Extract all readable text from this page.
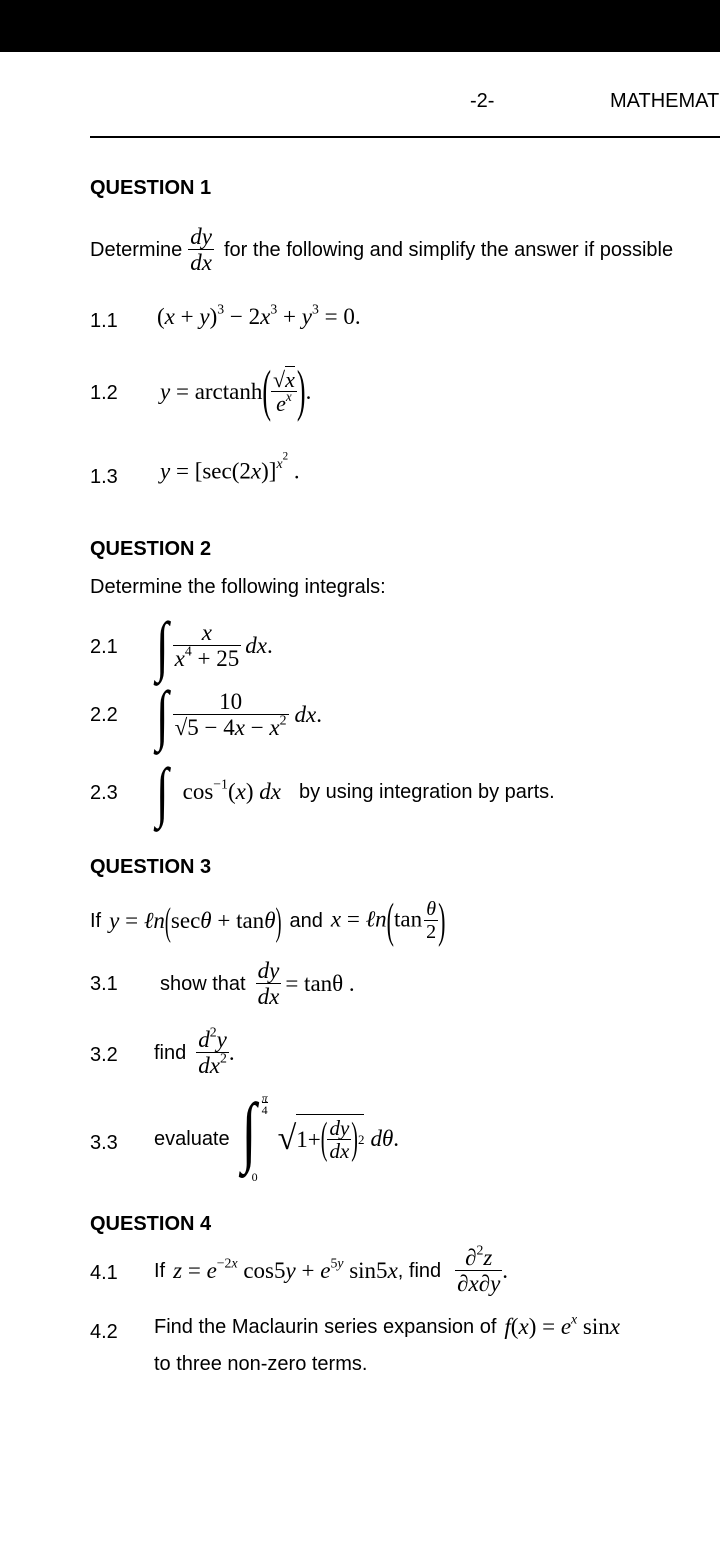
-2-	MATHEMAT
QUESTION 1
Determine $\frac{dy}{dx}$ for the following and simplify the answer if possible
1.1 $(x + y)^3 - 2x^3 + y^3 = 0$.
1.2 y = arctanh ( $\frac{√x}{e^x}$ ) .
1.3 $y = [\sec(2x)]^{x^2}$ .
QUESTION 2
Determine the following integrals:
2.1 ∫ $\frac{x}{x^4 + 25}$ dx.
2.2 ∫ $\frac{10}{√5 - 4x - x^2}$ dx.
2.3 ∫ $\cos^{-1}(x)$ dx by using integration by parts.
QUESTION 3
If y = ℓn(secθ + tanθ) and x = ℓn(tan $\frac{\theta}{2}$ )
3.1 show that $\frac{dy}{dx} = \tan\theta$ .
3.2 find $\frac{d^2y}{dx^2}$ .
3.3 evaluate ∫ π
4
0
√ 1+ ( $\frac{dy}{dx}$ ) 2 dθ.
QUESTION 4
4.1 If $z = e^{-2x}$ $\cos 5y + e^{5y}$ sin5x , find $\frac{\partial^2z}{\partial x\partial y}$ .
4.2 Find the Maclaurin series expansion of $f(x) = e^x$ sinx
to three non-zero terms.
